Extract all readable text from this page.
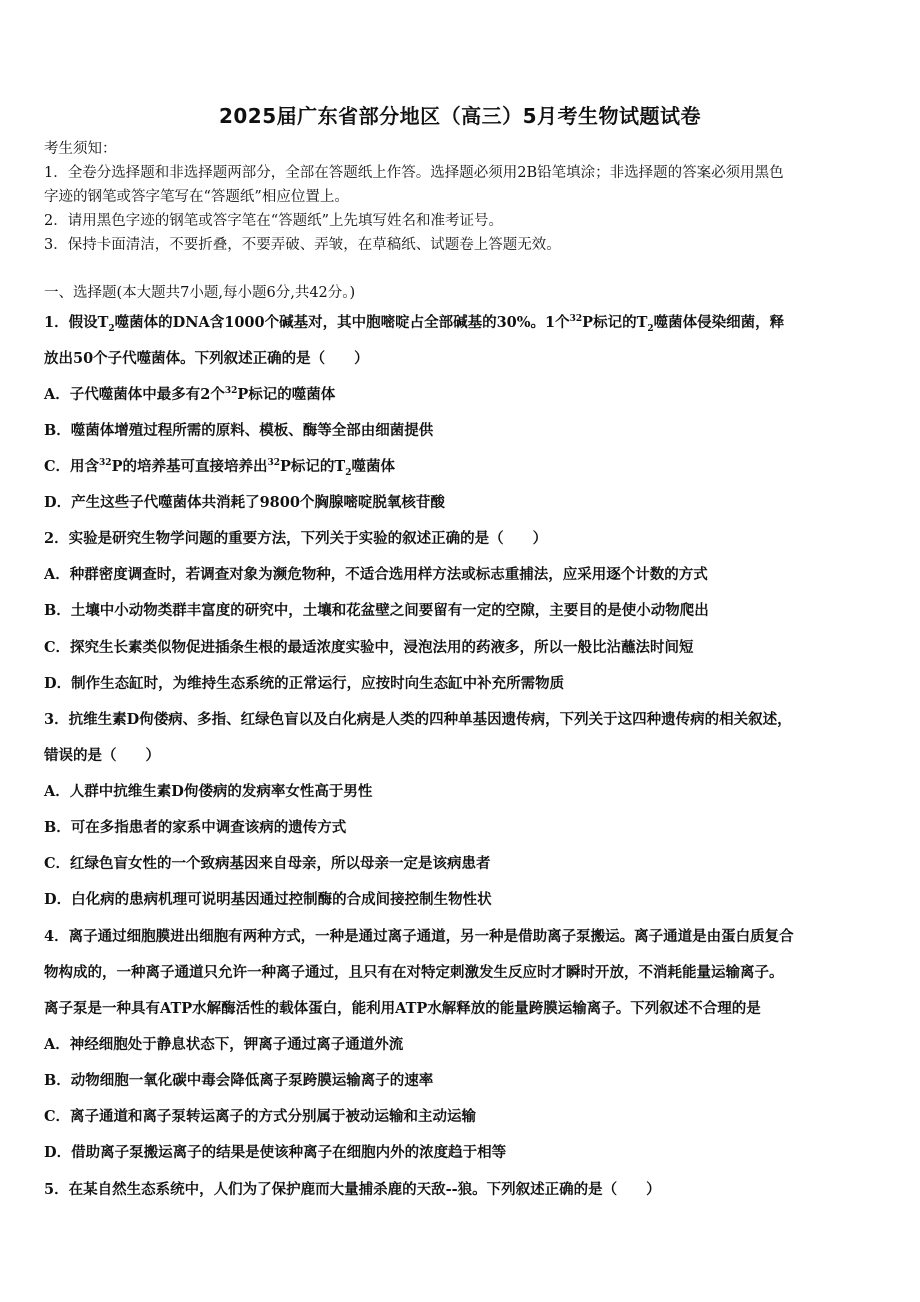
2025届广东省部分地区（高三）5月考生物试题试卷
考生须知：
1．全卷分选择题和非选择题两部分，全部在答题纸上作答。选择题必须用2B铅笔填涂；非选择题的答案必须用黑色
字迹的钢笔或答字笔写在“答题纸”相应位置上。
2．请用黑色字迹的钢笔或答字笔在“答题纸”上先填写姓名和准考证号。
3．保持卡面清洁，不要折叠，不要弄破、弄皱，在草稿纸、试题卷上答题无效。
一、选择题(本大题共7小题,每小题6分,共42分。)
1．假设$T_2$噬菌体的DNA含1000个碱基对，其中胞嘧啶占全部碱基的30%。1个$^{32}$P标记的$T_2$噬菌体侵染细菌，释
放出50个子代噬菌体。下列叙述正确的是（　　）
A．子代噬菌体中最多有2个$^{32}$P标记的噬菌体
B．噬菌体增殖过程所需的原料、模板、酶等全部由细菌提供
C．用含$^{32}$P的培养基可直接培养出$^{32}$P标记的$T_2$噬菌体
D．产生这些子代噬菌体共消耗了9800个胸腺嘧啶脱氧核苷酸
2．实验是研究生物学问题的重要方法，下列关于实验的叙述正确的是（　　）
A．种群密度调查时，若调查对象为濒危物种，不适合选用样方法或标志重捕法，应采用逐个计数的方式
B．土壤中小动物类群丰富度的研究中，土壤和花盆壁之间要留有一定的空隙，主要目的是使小动物爬出
C．探究生长素类似物促进插条生根的最适浓度实验中，浸泡法用的药液多，所以一般比沾蘸法时间短
D．制作生态缸时，为维持生态系统的正常运行，应按时向生态缸中补充所需物质
3．抗维生素D佝偻病、多指、红绿色盲以及白化病是人类的四种单基因遗传病，下列关于这四种遗传病的相关叙述，
错误的是（　　）
A．人群中抗维生素D佝偻病的发病率女性高于男性
B．可在多指患者的家系中调查该病的遗传方式
C．红绿色盲女性的一个致病基因来自母亲，所以母亲一定是该病患者
D．白化病的患病机理可说明基因通过控制酶的合成间接控制生物性状
4．离子通过细胞膜进出细胞有两种方式，一种是通过离子通道，另一种是借助离子泵搬运。离子通道是由蛋白质复合
物构成的，一种离子通道只允许一种离子通过，且只有在对特定刺激发生反应时才瞬时开放，不消耗能量运输离子。
离子泵是一种具有ATP水解酶活性的载体蛋白，能利用ATP水解释放的能量跨膜运输离子。下列叙述不合理的是
A．神经细胞处于静息状态下，钾离子通过离子通道外流
B．动物细胞一氧化碳中毒会降低离子泵跨膜运输离子的速率
C．离子通道和离子泵转运离子的方式分别属于被动运输和主动运输
D．借助离子泵搬运离子的结果是使该种离子在细胞内外的浓度趋于相等
5．在某自然生态系统中，人们为了保护鹿而大量捕杀鹿的天敌--狼。下列叙述正确的是（　　）
